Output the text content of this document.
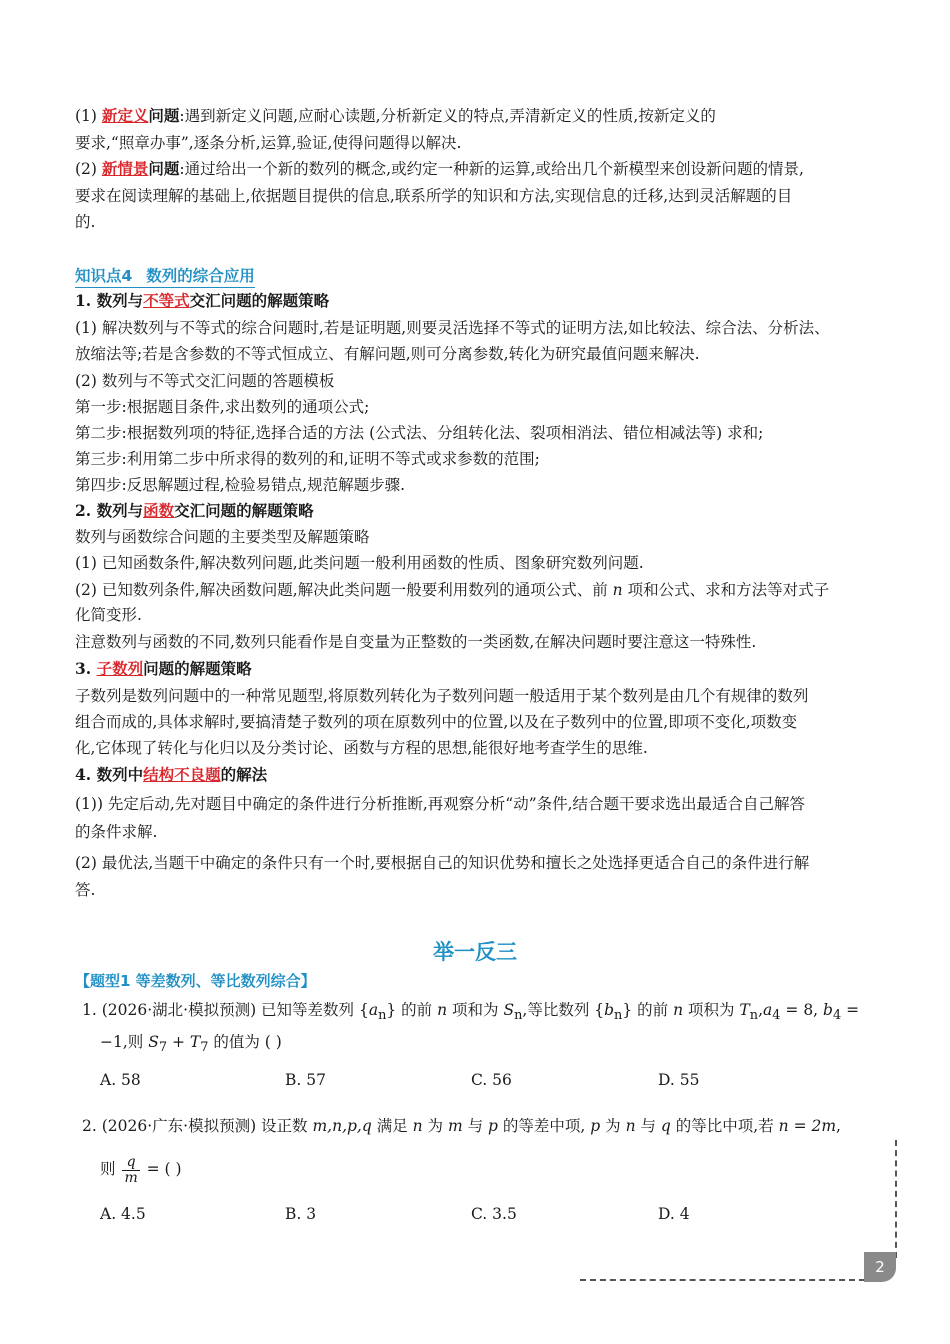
(1) 新定义问题:遇到新定义问题,应耐心读题,分析新定义的特点,弄清新定义的性质,按新定义的
要求,“照章办事”,逐条分析,运算,验证,使得问题得以解决.
(2) 新情景问题:通过给出一个新的数列的概念,或约定一种新的运算,或给出几个新模型来创设新问题的情景,
要求在阅读理解的基础上,依据题目提供的信息,联系所学的知识和方法,实现信息的迁移,达到灵活解题的目
的.
知识点4 数列的综合应用
1. 数列与不等式交汇问题的解题策略
(1) 解决数列与不等式的综合问题时,若是证明题,则要灵活选择不等式的证明方法,如比较法、综合法、分析法、
放缩法等;若是含参数的不等式恒成立、有解问题,则可分离参数,转化为研究最值问题来解决.
(2) 数列与不等式交汇问题的答题模板
第一步:根据题目条件,求出数列的通项公式;
第二步:根据数列项的特征,选择合适的方法 (公式法、分组转化法、裂项相消法、错位相减法等) 求和;
第三步:利用第二步中所求得的数列的和,证明不等式或求参数的范围;
第四步:反思解题过程,检验易错点,规范解题步骤.
2. 数列与函数交汇问题的解题策略
数列与函数综合问题的主要类型及解题策略
(1) 已知函数条件,解决数列问题,此类问题一般利用函数的性质、图象研究数列问题.
(2) 已知数列条件,解决函数问题,解决此类问题一般要利用数列的通项公式、前 n 项和公式、求和方法等对式子
化简变形.
注意数列与函数的不同,数列只能看作是自变量为正整数的一类函数,在解决问题时要注意这一特殊性.
3. 子数列问题的解题策略
子数列是数列问题中的一种常见题型,将原数列转化为子数列问题一般适用于某个数列是由几个有规律的数列
组合而成的,具体求解时,要搞清楚子数列的项在原数列中的位置,以及在子数列中的位置,即项不变化,项数变
化,它体现了转化与化归以及分类讨论、函数与方程的思想,能很好地考查学生的思维.
4. 数列中结构不良题的解法
(1)) 先定后动,先对题目中确定的条件进行分析推断,再观察分析“动”条件,结合题干要求选出最适合自己解答
的条件求解.
(2) 最优法,当题干中确定的条件只有一个时,要根据自己的知识优势和擅长之处选择更适合自己的条件进行解
答.
举一反三
【题型1 等差数列、等比数列综合】
1. (2026·湖北·模拟预测) 已知等差数列 $\{a_n\}$ 的前 n 项和为 $S_n$,等比数列 $\{b_n\}$ 的前 n 项积为 $T_n,a_4 = 8$, $b_4$ =
−1,则 $S_7 + T_7$ 的值为 ( )
A. 58	B. 57	C. 56	D. 55
2. (2026·广东·模拟预测) 设正数 m,n,p,q 满足 n 为 m 与 p 的等差中项, p 为 n 与 q 的等比中项,若 n = 2m,
则 $\frac{q}{m}$ = ( )
A. 4.5	B. 3	C. 3.5	D. 4
2
